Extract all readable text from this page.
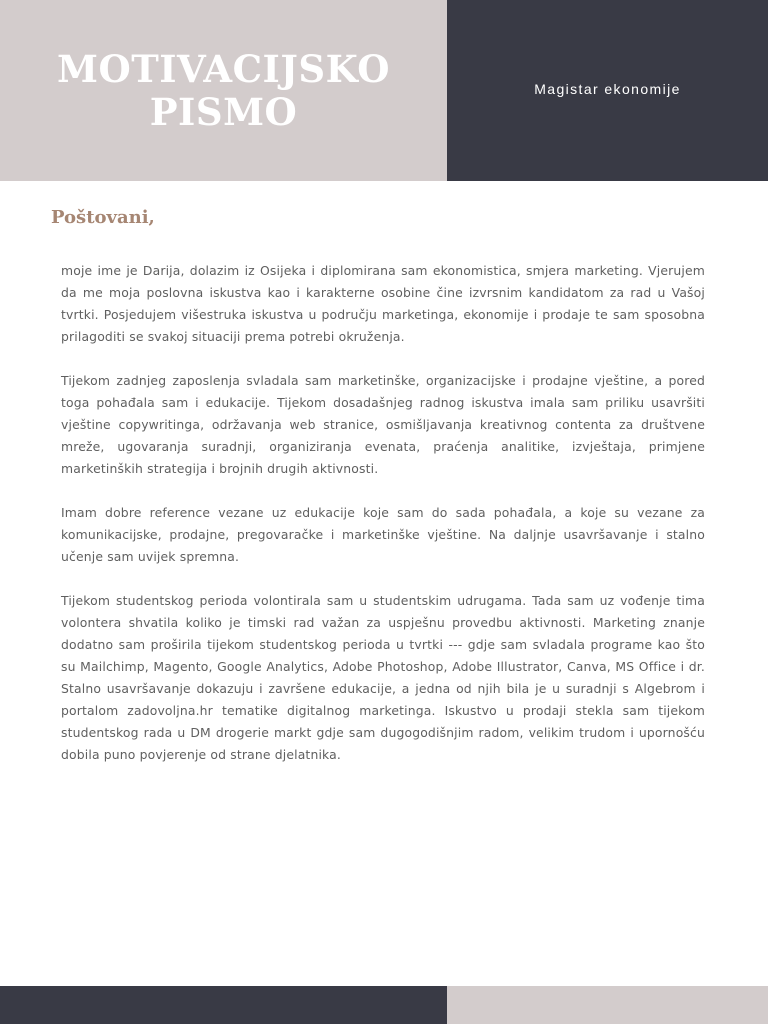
MOTIVACIJSKO PISMO
Magistar ekonomije
Poštovani,

moje ime je Darija, dolazim iz Osijeka i diplomirana sam ekonomistica, smjera marketing. Vjerujem da me moja poslovna iskustva kao i karakterne osobine čine izvrsnim kandidatom za rad u Vašoj tvrtki. Posjedujem višestruka iskustva u području marketinga, ekonomije i prodaje te sam sposobna prilagoditi se svakoj situaciji prema potrebi okruženja.

Tijekom zadnjeg zaposlenja svladala sam marketinške, organizacijske i prodajne vještine, a pored toga pohađala sam i edukacije. Tijekom dosadašnjeg radnog iskustva imala sam priliku usavršiti vještine copywritinga, održavanja web stranice, osmišljavanja kreativnog contenta za društvene mreže, ugovaranja suradnji, organiziranja evenata, praćenja analitike, izvještaja, primjene marketinških strategija i brojnih drugih aktivnosti.

Imam dobre reference vezane uz edukacije koje sam do sada pohađala, a koje su vezane za komunikacijske, prodajne, pregovaračke i marketinške vještine. Na daljnje usavršavanje i stalno učenje sam uvijek spremna.

Tijekom studentskog perioda volontirala sam u studentskim udrugama. Tada sam uz vođenje tima volontera shvatila koliko je timski rad važan za uspješnu provedbu aktivnosti. Marketing znanje dodatno sam proširila tijekom studentskog perioda u tvrtki --- gdje sam svladala programe kao što su Mailchimp, Magento, Google Analytics, Adobe Photoshop, Adobe Illustrator, Canva, MS Office i dr. Stalno usavršavanje dokazuju i završene edukacije, a jedna od njih bila je u suradnji s Algebrom i portalom zadovoljna.hr tematike digitalnog marketinga. Iskustvo u prodaji stekla sam tijekom studentskog rada u DM drogerie markt gdje sam dugogodišnjim radom, velikim trudom i upornošću dobila puno povjerenje od strane djelatnika.
